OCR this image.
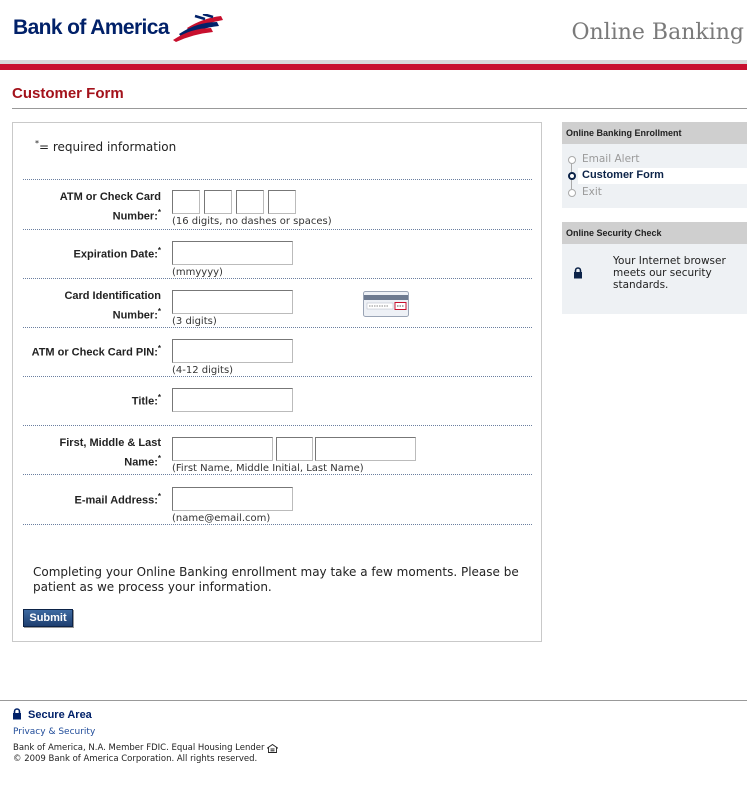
Bank of America	Online Banking
Customer Form
*= required information
ATM or Check Card
Number:*
(16 digits, no dashes or spaces)
Expiration Date:*
(mmyyyy)
Card Identification
Number:*
(3 digits)
ATM or Check Card PIN:*
(4-12 digits)
Title:*
First, Middle & Last
Name:*
(First Name, Middle Initial, Last Name)
E-mail Address:*
(name@email.com)
Completing your Online Banking enrollment may take a few moments. Please be patient as we process your information.
Submit
Online Banking Enrollment
Email Alert
Customer Form
Exit
Online Security Check
Your Internet browser meets our security standards.
Secure Area
Privacy & Security
Bank of America, N.A. Member FDIC. Equal Housing Lender
© 2009 Bank of America Corporation. All rights reserved.
